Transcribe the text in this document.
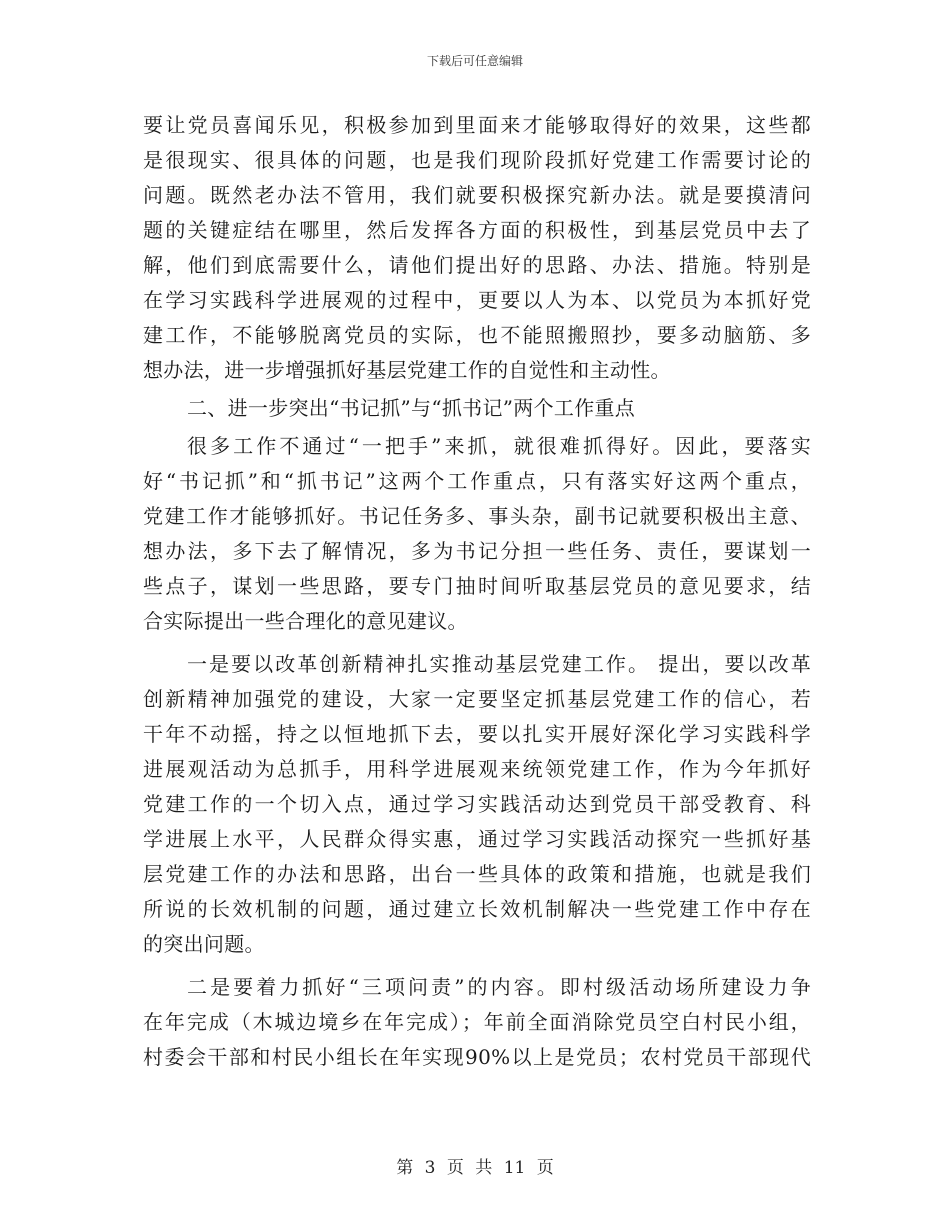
下载后可任意编辑
要让党员喜闻乐见，积极参加到里面来才能够取得好的效果，这些都
是很现实、很具体的问题，也是我们现阶段抓好党建工作需要讨论的
问题。既然老办法不管用，我们就要积极探究新办法。就是要摸清问
题的关键症结在哪里，然后发挥各方面的积极性，到基层党员中去了
解，他们到底需要什么，请他们提出好的思路、办法、措施。特别是
在学习实践科学进展观的过程中，更要以人为本、以党员为本抓好党
建工作，不能够脱离党员的实际，也不能照搬照抄，要多动脑筋、多
想办法，进一步增强抓好基层党建工作的自觉性和主动性。
二、进一步突出“书记抓”与“抓书记”两个工作重点
很多工作不通过“一把手”来抓，就很难抓得好。因此，要落实
好“书记抓”和“抓书记”这两个工作重点，只有落实好这两个重点，
党建工作才能够抓好。书记任务多、事头杂，副书记就要积极出主意、
想办法，多下去了解情况，多为书记分担一些任务、责任，要谋划一
些点子，谋划一些思路，要专门抽时间听取基层党员的意见要求，结
合实际提出一些合理化的意见建议。
一是要以改革创新精神扎实推动基层党建工作。 提出，要以改革
创新精神加强党的建设，大家一定要坚定抓基层党建工作的信心，若
干年不动摇，持之以恒地抓下去，要以扎实开展好深化学习实践科学
进展观活动为总抓手，用科学进展观来统领党建工作，作为今年抓好
党建工作的一个切入点，通过学习实践活动达到党员干部受教育、科
学进展上水平，人民群众得实惠，通过学习实践活动探究一些抓好基
层党建工作的办法和思路，出台一些具体的政策和措施，也就是我们
所说的长效机制的问题，通过建立长效机制解决一些党建工作中存在
的突出问题。
二是要着力抓好“三项问责”的内容。即村级活动场所建设力争
在年完成（木城边境乡在年完成）；年前全面消除党员空白村民小组，
村委会干部和村民小组长在年实现90%以上是党员；农村党员干部现代
第 3 页 共 11 页
